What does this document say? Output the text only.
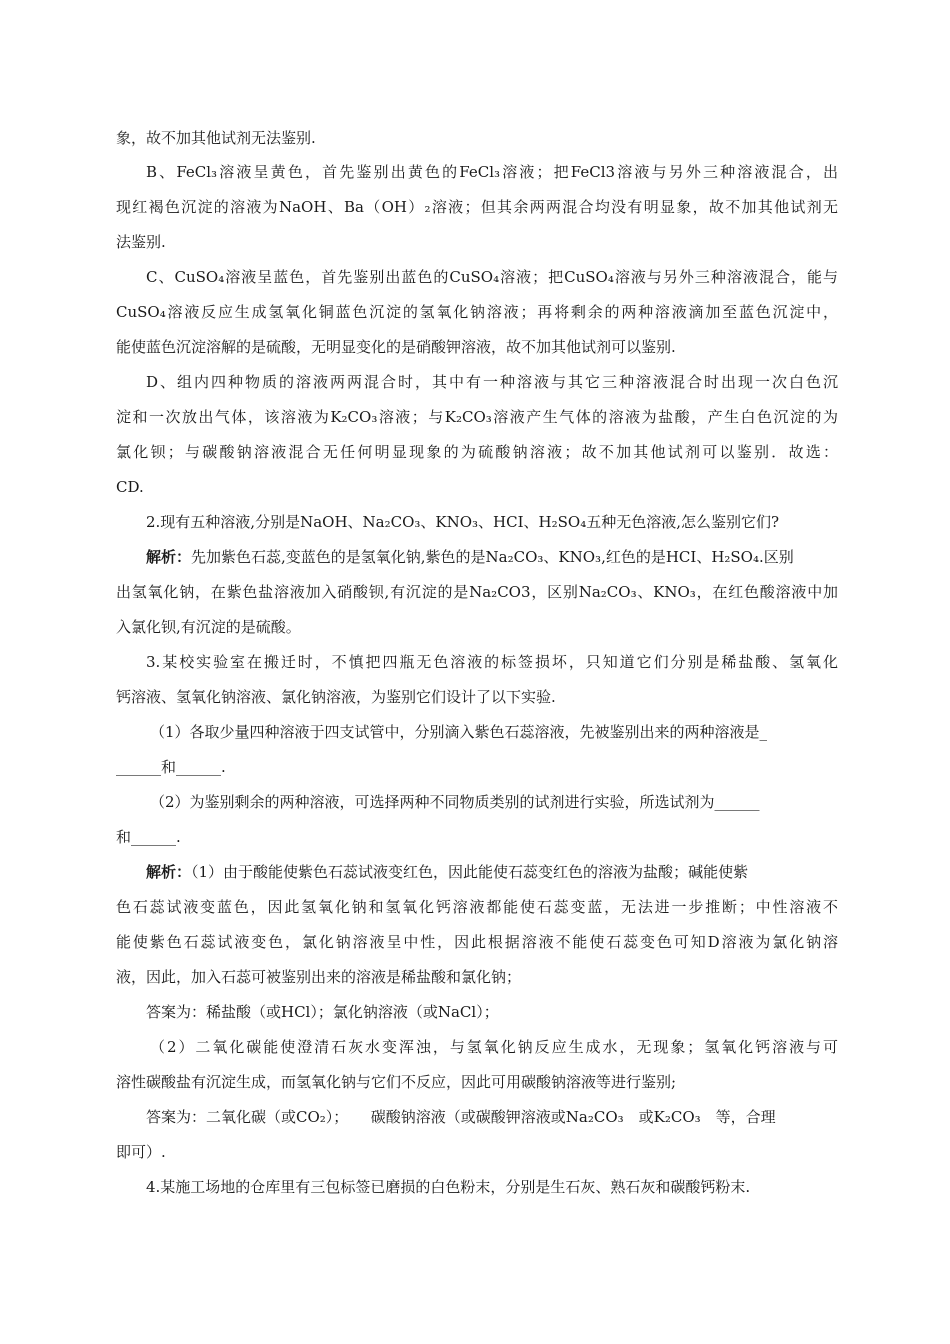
象，故不加其他试剂无法鉴别.
B、FeCl₃溶液呈黄色，首先鉴别出黄色的FeCl₃溶液；把FeCl3溶液与另外三种溶液混合，出
现红褐色沉淀的溶液为NaOH、Ba（OH）₂溶液；但其余两两混合均没有明显象，故不加其他试剂无
法鉴别.
C、CuSO₄溶液呈蓝色，首先鉴别出蓝色的CuSO₄溶液；把CuSO₄溶液与另外三种溶液混合，能与
CuSO₄溶液反应生成氢氧化铜蓝色沉淀的氢氧化钠溶液；再将剩余的两种溶液滴加至蓝色沉淀中，
能使蓝色沉淀溶解的是硫酸，无明显变化的是硝酸钾溶液，故不加其他试剂可以鉴别.
D、组内四种物质的溶液两两混合时，其中有一种溶液与其它三种溶液混合时出现一次白色沉
淀和一次放出气体，该溶液为K₂CO₃溶液；与K₂CO₃溶液产生气体的溶液为盐酸，产生白色沉淀的为
氯化钡；与碳酸钠溶液混合无任何明显现象的为硫酸钠溶液；故不加其他试剂可以鉴别．故选：
CD.
2.现有五种溶液,分别是NaOH、Na₂CO₃、KNO₃、HCI、H₂SO₄五种无色溶液,怎么鉴别它们?
解析：先加紫色石蕊,变蓝色的是氢氧化钠,紫色的是Na₂CO₃、KNO₃,红色的是HCI、H₂SO₄.区别
出氢氧化钠，在紫色盐溶液加入硝酸钡,有沉淀的是Na₂CO3，区别Na₂CO₃、KNO₃，在红色酸溶液中加
入氯化钡,有沉淀的是硫酸。
3.某校实验室在搬迁时，不慎把四瓶无色溶液的标签损坏，只知道它们分别是稀盐酸、氢氧化
钙溶液、氢氧化钠溶液、氯化钠溶液，为鉴别它们设计了以下实验.
（1）各取少量四种溶液于四支试管中，分别滴入紫色石蕊溶液，先被鉴别出来的两种溶液是_
______和______.
（2）为鉴别剩余的两种溶液，可选择两种不同物质类别的试剂进行实验，所选试剂为______
和______.
解析：（1）由于酸能使紫色石蕊试液变红色，因此能使石蕊变红色的溶液为盐酸；碱能使紫
色石蕊试液变蓝色，因此氢氧化钠和氢氧化钙溶液都能使石蕊变蓝，无法进一步推断；中性溶液不
能使紫色石蕊试液变色，氯化钠溶液呈中性，因此根据溶液不能使石蕊变色可知D溶液为氯化钠溶
液，因此，加入石蕊可被鉴别出来的溶液是稀盐酸和氯化钠；
答案为：稀盐酸（或HCl）；氯化钠溶液（或NaCl）；
（2）二氧化碳能使澄清石灰水变浑浊，与氢氧化钠反应生成水，无现象；氢氧化钙溶液与可
溶性碳酸盐有沉淀生成，而氢氧化钠与它们不反应，因此可用碳酸钠溶液等进行鉴别;
答案为：二氧化碳（或CO₂）；　　碳酸钠溶液（或碳酸钾溶液或Na₂CO₃　或K₂CO₃　等，合理
即可）.
4.某施工场地的仓库里有三包标签已磨损的白色粉末，分别是生石灰、熟石灰和碳酸钙粉末.
